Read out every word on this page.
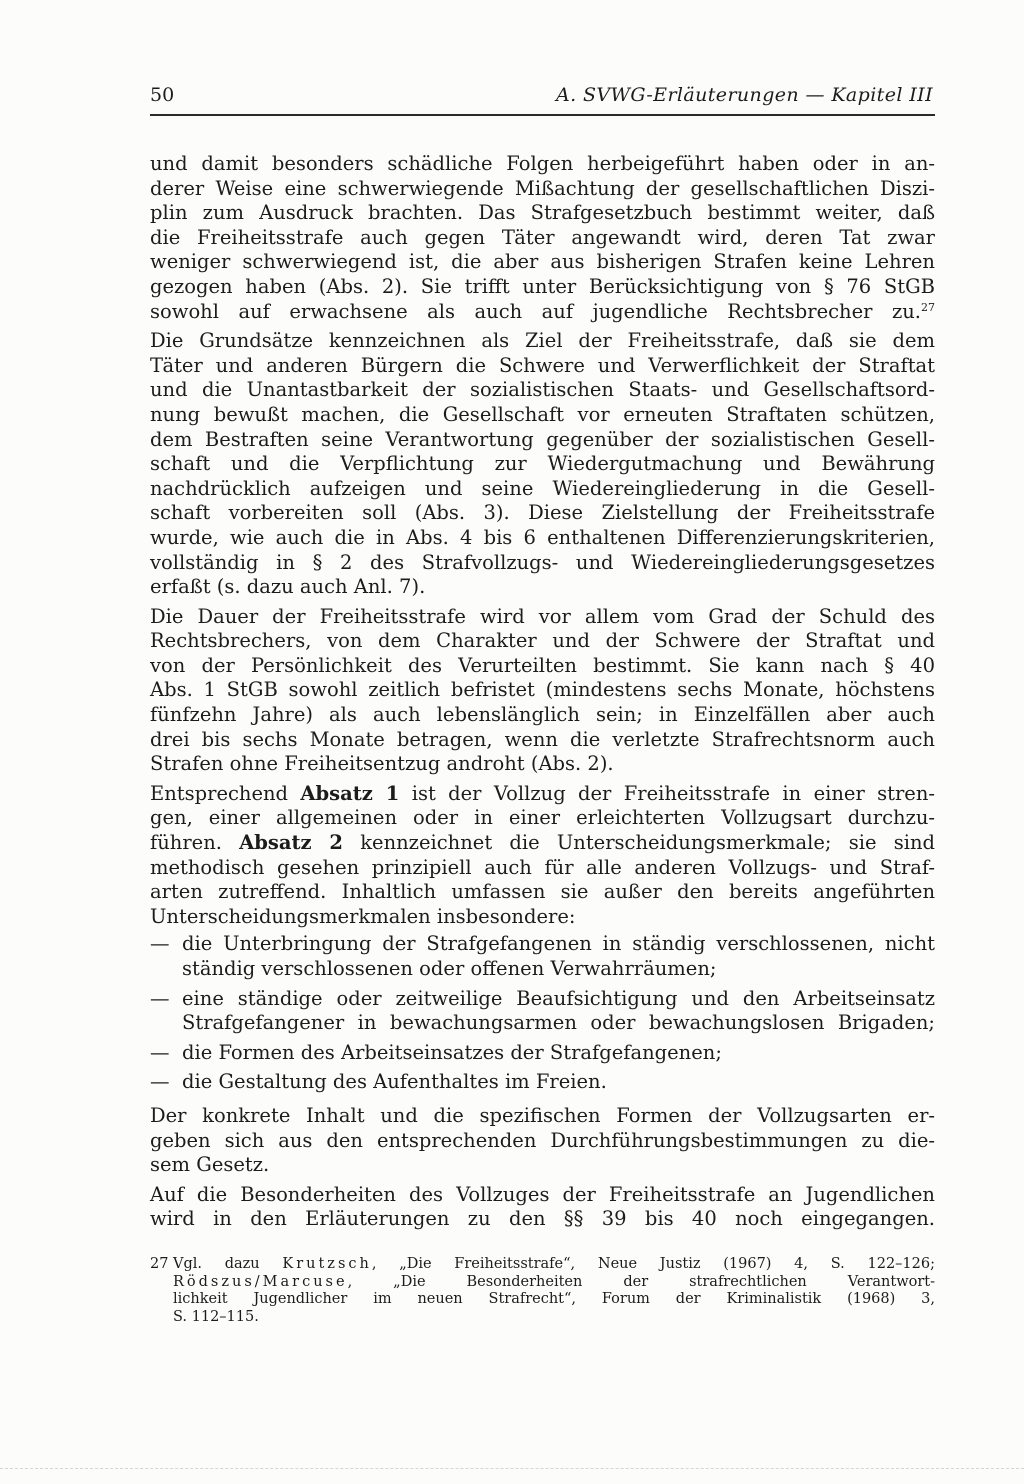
50	A. SVWG-Erläuterungen — Kapitel III
und damit besonders schädliche Folgen herbeigeführt haben oder in an-
derer Weise eine schwerwiegende Mißachtung der gesellschaftlichen Diszi-
plin zum Ausdruck brachten. Das Strafgesetzbuch bestimmt weiter, daß
die Freiheitsstrafe auch gegen Täter angewandt wird, deren Tat zwar
weniger schwerwiegend ist, die aber aus bisherigen Strafen keine Lehren
gezogen haben (Abs. 2). Sie trifft unter Berücksichtigung von § 76 StGB
sowohl auf erwachsene als auch auf jugendliche Rechtsbrecher zu.$^{27}$
Die Grundsätze kennzeichnen als Ziel der Freiheitsstrafe, daß sie dem
Täter und anderen Bürgern die Schwere und Verwerflichkeit der Straftat
und die Unantastbarkeit der sozialistischen Staats- und Gesellschaftsord-
nung bewußt machen, die Gesellschaft vor erneuten Straftaten schützen,
dem Bestraften seine Verantwortung gegenüber der sozialistischen Gesell-
schaft und die Verpflichtung zur Wiedergutmachung und Bewährung
nachdrücklich aufzeigen und seine Wiedereingliederung in die Gesell-
schaft vorbereiten soll (Abs. 3). Diese Zielstellung der Freiheitsstrafe
wurde, wie auch die in Abs. 4 bis 6 enthaltenen Differenzierungskriterien,
vollständig in § 2 des Strafvollzugs- und Wiedereingliederungsgesetzes
erfaßt (s. dazu auch Anl. 7).
Die Dauer der Freiheitsstrafe wird vor allem vom Grad der Schuld des
Rechtsbrechers, von dem Charakter und der Schwere der Straftat und
von der Persönlichkeit des Verurteilten bestimmt. Sie kann nach § 40
Abs. 1 StGB sowohl zeitlich befristet (mindestens sechs Monate, höchstens
fünfzehn Jahre) als auch lebenslänglich sein; in Einzelfällen aber auch
drei bis sechs Monate betragen, wenn die verletzte Strafrechtsnorm auch
Strafen ohne Freiheitsentzug androht (Abs. 2).
Entsprechend Absatz 1 ist der Vollzug der Freiheitsstrafe in einer stren-
gen, einer allgemeinen oder in einer erleichterten Vollzugsart durchzu-
führen. Absatz 2 kennzeichnet die Unterscheidungsmerkmale; sie sind
methodisch gesehen prinzipiell auch für alle anderen Vollzugs- und Straf-
arten zutreffend. Inhaltlich umfassen sie außer den bereits angeführten
Unterscheidungsmerkmalen insbesondere:
— die Unterbringung der Strafgefangenen in ständig verschlossenen, nicht
ständig verschlossenen oder offenen Verwahrräumen;
— eine ständige oder zeitweilige Beaufsichtigung und den Arbeitseinsatz
Strafgefangener in bewachungsarmen oder bewachungslosen Brigaden;
— die Formen des Arbeitseinsatzes der Strafgefangenen;
— die Gestaltung des Aufenthaltes im Freien.
Der konkrete Inhalt und die spezifischen Formen der Vollzugsarten er-
geben sich aus den entsprechenden Durchführungsbestimmungen zu die-
sem Gesetz.
Auf die Besonderheiten des Vollzuges der Freiheitsstrafe an Jugendlichen
wird in den Erläuterungen zu den §§ 39 bis 40 noch eingegangen.
27 Vgl. dazu Krutzsch, „Die Freiheitsstrafe“, Neue Justiz (1967) 4, S. 122–126;
Rödszus/Marcuse, „Die Besonderheiten der strafrechtlichen Verantwort-
lichkeit Jugendlicher im neuen Strafrecht“, Forum der Kriminalistik (1968) 3,
S. 112–115.
